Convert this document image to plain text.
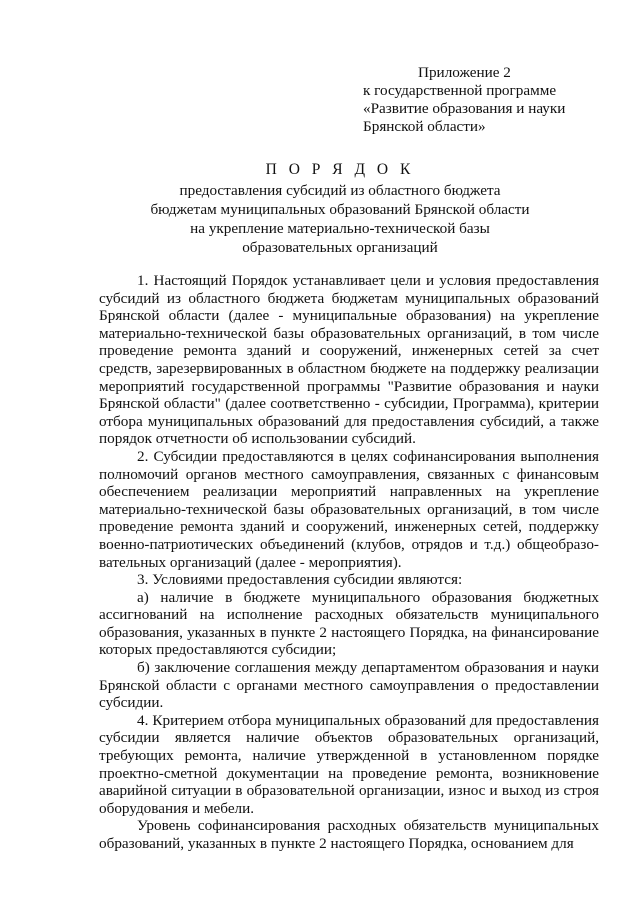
Приложение 2
к государственной программе
«Развитие образования и науки
Брянской области»
П О Р Я Д О К
предоставления субсидий из областного бюджета
бюджетам муниципальных образований Брянской области
на укрепление материально-технической базы
образовательных организаций

1. Настоящий Порядок устанавливает цели и условия предоставления субсидий из областного бюджета бюджетам муниципальных образований Брянской области (далее - муниципальные образования) на укрепление материально-технической базы образовательных организаций, в том числе проведение ремонта зданий и сооружений, инженерных сетей за счет средств, зарезервированных в областном бюджете на поддержку реализации мероприятий государственной программы "Развитие образования и науки Брянской области" (далее соответственно - субсидии, Программа), критерии отбора муниципальных образований для предоставления субсидий, а также порядок отчетности об использовании субсидий.

2. Субсидии предоставляются в целях софинансирования выполнения полномочий органов местного самоуправления, связанных с финансовым обеспечением реализации мероприятий направленных на укрепление материально-технической базы образовательных организаций, в том числе проведение ремонта зданий и сооружений, инженерных сетей, поддержку военно-патриотических объединений (клубов, отрядов и т.д.) общеобразо-вательных организаций (далее - мероприятия).

3. Условиями предоставления субсидии являются:

а) наличие в бюджете муниципального образования бюджетных ассигнований на исполнение расходных обязательств муниципального образования, указанных в пункте 2 настоящего Порядка, на финансирование которых предоставляются субсидии;

б) заключение соглашения между департаментом образования и науки Брянской области с органами местного самоуправления о предоставлении субсидии.

4. Критерием отбора муниципальных образований для предоставления субсидии является наличие объектов образовательных организаций, требующих ремонта, наличие утвержденной в установленном порядке проектно-сметной документации на проведение ремонта, возникновение аварийной ситуации в образовательной организации, износ и выход из строя оборудования и мебели.

Уровень софинансирования расходных обязательств муниципальных образований, указанных в пункте 2 настоящего Порядка, основанием для
